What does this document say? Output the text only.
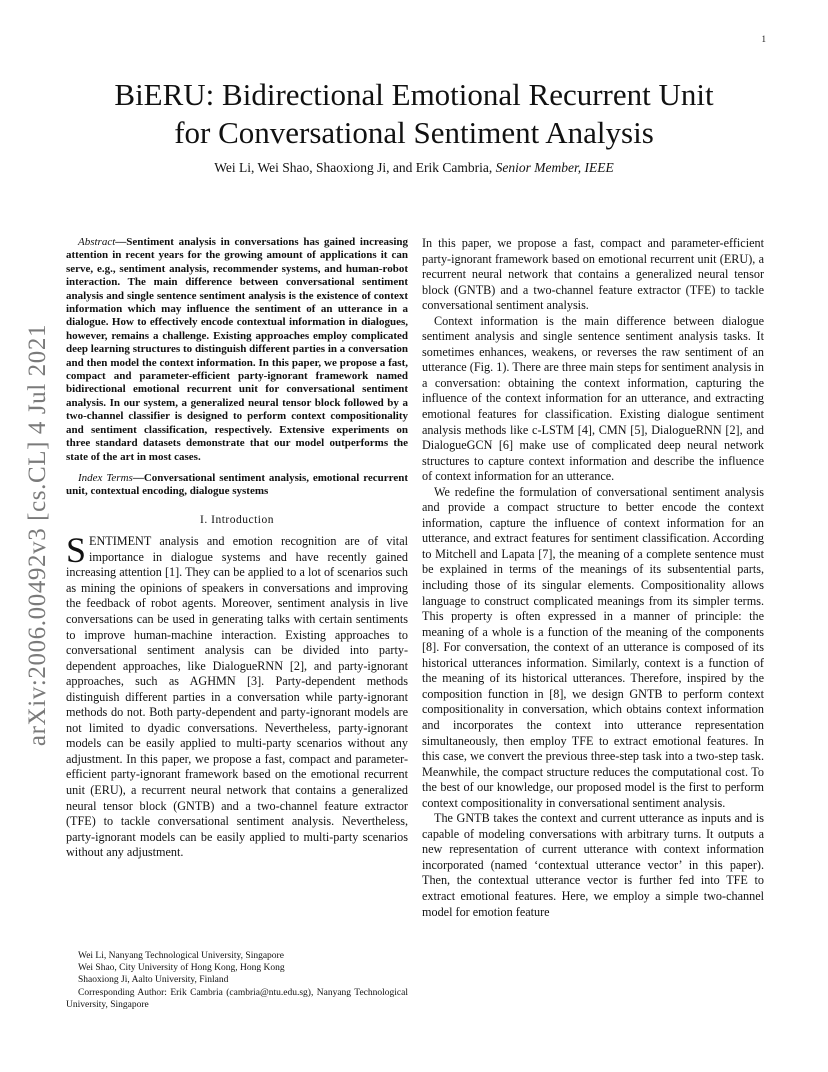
1
arXiv:2006.00492v3 [cs.CL] 4 Jul 2021
BiERU: Bidirectional Emotional Recurrent Unit
for Conversational Sentiment Analysis
Wei Li, Wei Shao, Shaoxiong Ji, and Erik Cambria, Senior Member, IEEE

Abstract—Sentiment analysis in conversations has gained increasing attention in recent years for the growing amount of applications it can serve, e.g., sentiment analysis, recommender systems, and human-robot interaction. The main difference between conversational sentiment analysis and single sentence sentiment analysis is the existence of context information which may influence the sentiment of an utterance in a dialogue. How to effectively encode contextual information in dialogues, however, remains a challenge. Existing approaches employ complicated deep learning structures to distinguish different parties in a conversation and then model the context information. In this paper, we propose a fast, compact and parameter-efficient party-ignorant framework named bidirectional emotional recurrent unit for conversational sentiment analysis. In our system, a generalized neural tensor block followed by a two-channel classifier is designed to perform context compositionality and sentiment classification, respectively. Extensive experiments on three standard datasets demonstrate that our model outperforms the state of the art in most cases.

Index Terms—Conversational sentiment analysis, emotional recurrent unit, contextual encoding, dialogue systems

I. Introduction

SENTIMENT analysis and emotion recognition are of vital importance in dialogue systems and have recently gained increasing attention [1]. They can be applied to a lot of scenarios such as mining the opinions of speakers in conversations and improving the feedback of robot agents. Moreover, sentiment analysis in live conversations can be used in generating talks with certain sentiments to improve human-machine interaction. Existing approaches to conversational sentiment analysis can be divided into party-dependent approaches, like DialogueRNN [2], and party-ignorant approaches, such as AGHMN [3]. Party-dependent methods distinguish different parties in a conversation while party-ignorant methods do not. Both party-dependent and party-ignorant models are not limited to dyadic conversations. Nevertheless, party-ignorant models can be easily applied to multi-party scenarios without any adjustment. In this paper, we propose a fast, compact and parameter-efficient party-ignorant framework based on the emotional recurrent unit (ERU), a recurrent neural network that contains a generalized neural tensor block (GNTB) and a two-channel feature extractor (TFE) to tackle conversational sentiment analysis. Nevertheless, party-ignorant models can be easily applied to multi-party scenarios without any adjustment.

Wei Li, Nanyang Technological University, Singapore
Wei Shao, City University of Hong Kong, Hong Kong
Shaoxiong Ji, Aalto University, Finland
Corresponding Author: Erik Cambria (cambria@ntu.edu.sg), Nanyang Technological University, Singapore

In this paper, we propose a fast, compact and parameter-efficient party-ignorant framework based on emotional recurrent unit (ERU), a recurrent neural network that contains a generalized neural tensor block (GNTB) and a two-channel feature extractor (TFE) to tackle conversational sentiment analysis.

Context information is the main difference between dialogue sentiment analysis and single sentence sentiment analysis tasks. It sometimes enhances, weakens, or reverses the raw sentiment of an utterance (Fig. 1). There are three main steps for sentiment analysis in a conversation: obtaining the context information, capturing the influence of the context information for an utterance, and extracting emotional features for classification. Existing dialogue sentiment analysis methods like c-LSTM [4], CMN [5], DialogueRNN [2], and DialogueGCN [6] make use of complicated deep neural network structures to capture context information and describe the influence of context information for an utterance.

We redefine the formulation of conversational sentiment analysis and provide a compact structure to better encode the context information, capture the influence of context information for an utterance, and extract features for sentiment classification. According to Mitchell and Lapata [7], the meaning of a complete sentence must be explained in terms of the meanings of its subsentential parts, including those of its singular elements. Compositionality allows language to construct complicated meanings from its simpler terms. This property is often expressed in a manner of principle: the meaning of a whole is a function of the meaning of the components [8]. For conversation, the context of an utterance is composed of its historical utterances information. Similarly, context is a function of the meaning of its historical utterances. Therefore, inspired by the composition function in [8], we design GNTB to perform context compositionality in conversation, which obtains context information and incorporates the context into utterance representation simultaneously, then employ TFE to extract emotional features. In this case, we convert the previous three-step task into a two-step task. Meanwhile, the compact structure reduces the computational cost. To the best of our knowledge, our proposed model is the first to perform context compositionality in conversational sentiment analysis.

The GNTB takes the context and current utterance as inputs and is capable of modeling conversations with arbitrary turns. It outputs a new representation of current utterance with context information incorporated (named ‘contextual utterance vector’ in this paper). Then, the contextual utterance vector is further fed into TFE to extract emotional features. Here, we employ a simple two-channel model for emotion feature
